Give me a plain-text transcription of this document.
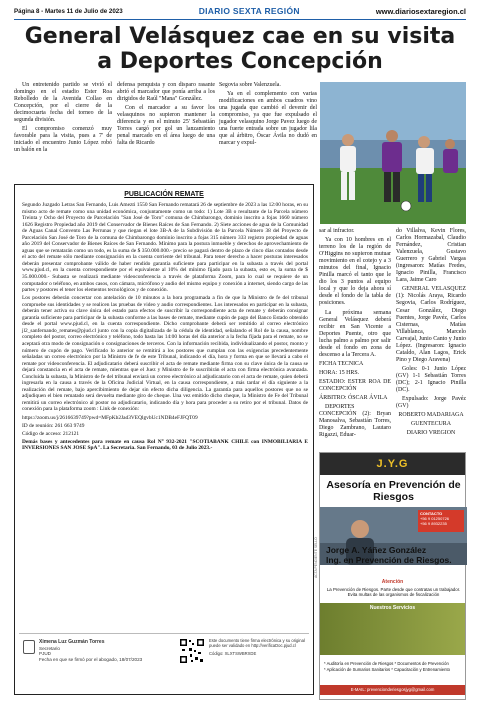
Página 8 - Martes 11 de Julio de 2023	DIARIO SEXTA REGIÓN	www.diariosextaregion.cl
General Velásquez cae en su visita
a Deportes Concepción

Un entretenido partido se vivió el domingo en el estadio Ester Roa Rebolledo de la Avenida Collao en Concepción, por el cierre de la decimocuarta fecha del torneo de la segunda división.

El compromiso comenzó muy favorable para la visita, pues a 7' de iniciado el encuentro Junio López robó un balón en la

defensa penquista y con disparo rasante abrió el marcador que ponía arriba a los dirigidos de Raúl "Mana" González.

Con el marcador a su favor los velasquinos no supieron mantener la diferencia y en el minuto 25' Sebastián Torres cargó por gol un lanzamiento penal marcado en el área luego de una falta de Ricardo

Segovia sobre Valenzuela.

Ya en el complemento con varias modificaciones en ambos cuadros vino una jugada que cambió el devenir del compromiso, ya que fue expulsado el jugador velasquino Jorge Pavez luego de una fuerte entrada sobre un jugador lila que al árbitro, Óscar Ávila no dudó en marcar y expul-

PUBLICACIÓN REMATE

Segundo Juzgado Letras San Fernando, Luis Amezti 1550 San Fernando rematará 26 de septiembre de 2023 a las 12:00 horas, en su mismo acto de remate como una unidad económica, conjuntamente como un todo: 1) Lote 3B o resultante de la Parcela número Treinta y Ocho del Proyecto de Parcelación "San José de Toro" comuna de Chimbarongo, dominio inscrito a fojas 1660 número 1626 Registro Propiedad año 2019 del Conservador de Bienes Raíces de San Fernando. 2) Siete acciones de agua de la Comunidad de Aguas Canal Convento Las Perrunas y que riegan el lote 3B-A de la Subdivisión de la Parcela Número 38 del Proyecto de Parcelación San José de Toro de la comuna de Chimbarongo dominio inscrito a fojas 315 número 333 registro propiedad de aguas año 2019 del Conservador de Bienes Raíces de San Fernando. Mínimo para la postura inmueble y derechos de aprovechamiento de aguas que se rematarán como un todo, es la suma de $ 350.000.000.- precio se pagará dentro de plazo de cinco días contados desde el acto del remate sólo mediante consignación en la cuenta corriente del tribunal. Para tener derecho a hacer posturas interesados deberán presentar comprobante válido de haber rendido garantía suficiente para participar en la subasta a través del portal www.pjud.cl, en la cuenta correspondiente por el equivalente al 10% del mínimo fijado para la subasta, esto es, la suma de $ 35.000.000.- Subasta se realizará mediante videoconferencia a través de plataforma Zoom, para lo cual se requiere de un computador o teléfono, en ambos casos, con cámara, micrófono y audio del mismo equipo y conexión a internet, siendo cargo de las partes y postores el tener los elementos tecnológicos y de conexión.

Los postores deberán concertar con antelación de 10 minutos a la hora programada a fin de que la Ministro de fe del tribunal compruebe sus identidades y se realicen las pruebas de video y audio correspondientes. Los interesados en participar en la subasta, deberán tener activa su clave única del estado para efectos de suscribir la correspondiente acta de remate y deberán consignar garantía suficiente para participar de la subasta conforme a las bases de remate, mediante cupón de pago del Banco Estado obtenido desde el portal www.pjud.cl, en la cuenta correspondiente. Dicho comprobante deberá ser remitido al correo electrónico jl2_sanfernando_remates@pjud.cl junto con la copia digitalizada de la cédula de identidad, señalando el Rol de la causa, nombre completo del postor, correo electrónico y teléfono, todo hasta las 14:00 horas del día anterior a la fecha fijada para el remate, no se aceptará otra modo de consignación o consignaciones de terceros. Con la información recibida, individualizando el postor, monto y número de cupón de pago. Verificado lo anterior se remitirá a los postores que cumplan con las exigencias precedentemente señaladas un correo electrónico por la Ministro de fe de este Tribunal, indicando el día, hora y forma en que se llevará a cabo el remate por videoconferencia. El adjudicatario deberá suscribir el acta de remate mediante firma con su clave única de la causa se dejará constancia en el acta de remate, mientras que el Juez y Ministro de fe suscribirán el acta con firma electrónica avanzada. Concluida la subasta, la Ministro de fe del tribunal enviará un correo electrónico al adjudicatario con el acta de remate, quien deberá ingresarla en la causa a través de la Oficina Judicial Virtual, en la causa correspondiente, a más tardar el día siguiente a la realización del remate, bajo apercibimiento de dejar sin efecto dicha diligencia. La garantía para aquellos postores que no se adjudiquen el bien rematado será devuelta mediante giro de cheque. Una vez emitido dicho cheque, la Ministro de Fe del Tribunal remitirá un correo electrónico al postor no adjudicatario, indicando día y hora para proceder a su retiro por el tribunal. Datos de conexión para la plataforma zoom : Link de conexión:

https://zoom.us/j/2616639749?pwd=MFpKb2Jad3VEQlgvbUc1NDB4eFJFQT09

ID de reunión: 261 663 9749

Código de acceso: 212121

Demás bases y antecedentes para remate en causa Rol N° 932-2021 "SCOTIABANK CHILE con INMOBILIARIA E INVERSIONES SAN JOSE SpA". La Secretaria. San Fernando, 03 de Julio 2023.-

Ximena Luz Guzmán Torres
Secretario
PJUD
Fecha en que se firmó por el abogado, 18/07/2023
Este documento tiene firma electrónica y su original puede ser validado en http://verificaDoc.pjud.cl
Código: XLXTSWBRXDE

sar al infractor.

Ya con 10 hombres en el terreno los de la región de O'Higgins no supieron mutuar movimiento en el cotejo y a 3 minutos del final, Ignacio Pinilla marcó el tanto que le dio los 3 puntos al equipo local y que lo deja ahora sí desde el fondo de la tabla de posiciones.

La próxima semana General Velásquez deberá recibir en San Vicente a Deportes Puente, otro que lucha palmo a palmo por salir desde el fondo en zona de descenso a la Tercera A.

FICHA TECNICA

HORA: 15 HRS.

ESTADIO: ESTER ROA DE CONCEPCIÓN

ÁRBITRO: ÓSCAR ÁVILA

DEPORTES CONCEPCIÓN (2): Bryan Manosalva, Sebastián Torres, Diego Zambrano, Lautaro Rigazzi, Eduar-

do Villalva, Kevin Flores, Carlos Hormazabal, Claudio Fernández, Cristian Valenzuela, Gustavo Guerrero y Gabriel Vargas (ingresaron: Matías Fredes, Ignacio Pinilla, Francisco Lara, Jaime Caro

GENERAL VELASQUEZ (1): Nicolás Araya, Ricardo Segovia, Carlos Rodríguez, Cesar González, Diego Fuentes, Jorge Pavéz, Carlos Cisternas, Matías Villablanca, Marcelo Carvajal, Junio Canto y Junio López. (Ingresaron: Ignacio Cataldo, Alan Lagos, Erick Pino y Diego Aravena)

Goles: 0-1 Junio López (GV) 1-1 Sebastián Torres (DC); 2-1 Ignacio Pinilla (DC).

Expulsado: Jorge Pavéz (GV)

ROBERTO MADARIAGA

GUENTECURA

DIARIO VREGION

ACTA PENDIENTE SELLO
J.Y.G
Asesoría en Prevención de Riesgos
CONTACTO
+56 9 01250726
+56 9 8932235
Jorge A. Yáñez González
Ing. en Prevención de Riesgos.
Atención
La Prevención de Riesgos. Parte desde que contratas un trabajador. Evita multas de las organismos de fiscalización
Nuestros Servicios
* Auditoría en Prevención de Riesgos * Documentos de Prevención
* Aplicación de Sumarios Sanitarios * Capacitación y Entrenamiento
E-MAIL: prevencionderiesgosjyg@gmail.com
